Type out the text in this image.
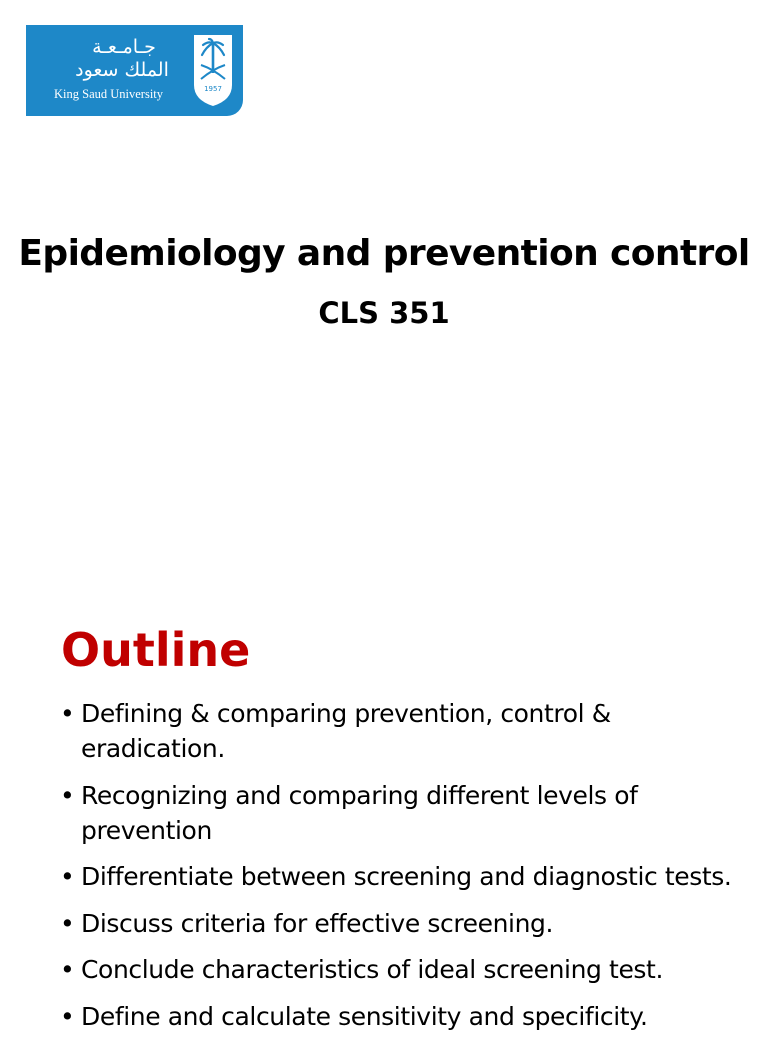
جـامـعـة
الملك سعود
King Saud University	1957
Epidemiology and prevention control
CLS 351
Outline
• Defining & comparing prevention, control & eradication.
• Recognizing and comparing different levels of prevention
• Differentiate between screening and diagnostic tests.
• Discuss criteria for effective screening.
• Conclude characteristics of ideal screening test.
• Define and calculate sensitivity and specificity.
